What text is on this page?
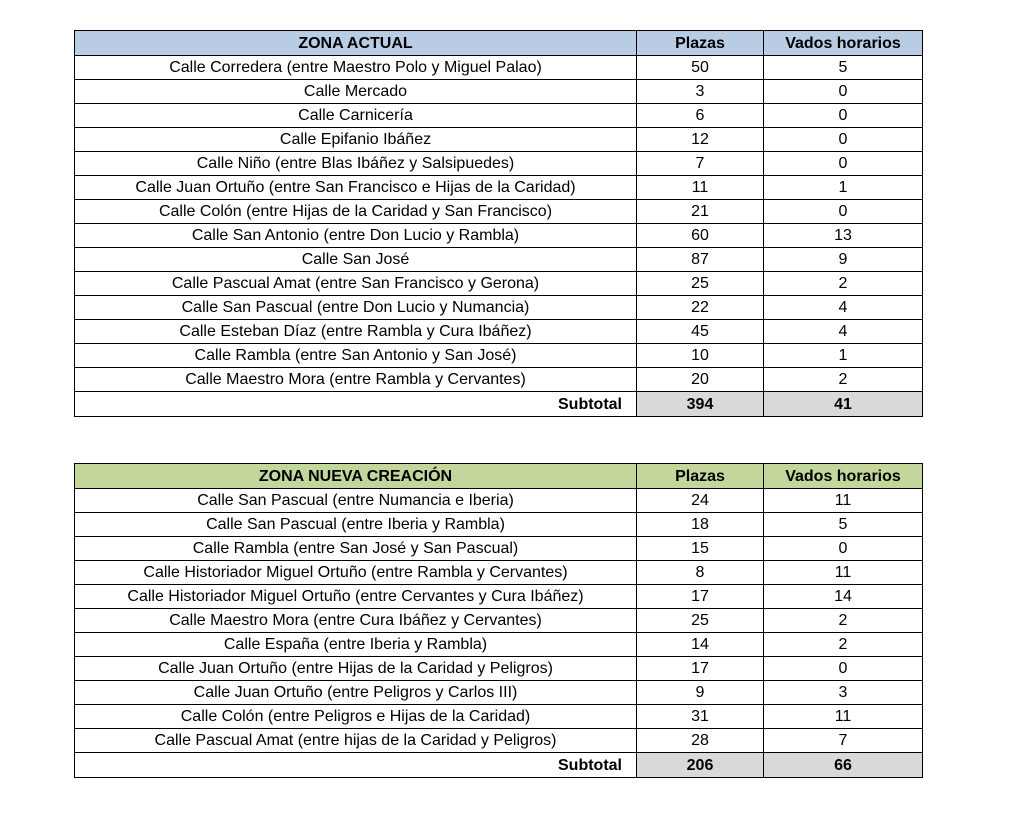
ZONA ACTUAL	Plazas	Vados horarios
Calle Corredera (entre Maestro Polo y Miguel Palao)	50	5
Calle Mercado	3	0
Calle Carnicería	6	0
Calle Epifanio Ibáñez	12	0
Calle Niño (entre Blas Ibáñez y Salsipuedes)	7	0
Calle Juan Ortuño (entre San Francisco e Hijas de la Caridad)	11	1
Calle Colón (entre Hijas de la Caridad y San Francisco)	21	0
Calle San Antonio (entre Don Lucio y Rambla)	60	13
Calle San José	87	9
Calle Pascual Amat (entre San Francisco y Gerona)	25	2
Calle San Pascual (entre Don Lucio y Numancia)	22	4
Calle Esteban Díaz (entre Rambla y Cura Ibáñez)	45	4
Calle Rambla (entre San Antonio y San José)	10	1
Calle Maestro Mora (entre Rambla y Cervantes)	20	2
Subtotal	394	41
ZONA NUEVA CREACIÓN	Plazas	Vados horarios
Calle San Pascual (entre Numancia e Iberia)	24	11
Calle San Pascual (entre Iberia y Rambla)	18	5
Calle Rambla (entre San José y San Pascual)	15	0
Calle Historiador Miguel Ortuño (entre Rambla y Cervantes)	8	11
Calle Historiador Miguel Ortuño (entre Cervantes y Cura Ibáñez)	17	14
Calle Maestro Mora (entre Cura Ibáñez y Cervantes)	25	2
Calle España (entre Iberia y Rambla)	14	2
Calle Juan Ortuño (entre Hijas de la Caridad y Peligros)	17	0
Calle Juan Ortuño (entre Peligros y Carlos III)	9	3
Calle Colón (entre Peligros e Hijas de la Caridad)	31	11
Calle Pascual Amat (entre hijas de la Caridad y Peligros)	28	7
Subtotal	206	66
